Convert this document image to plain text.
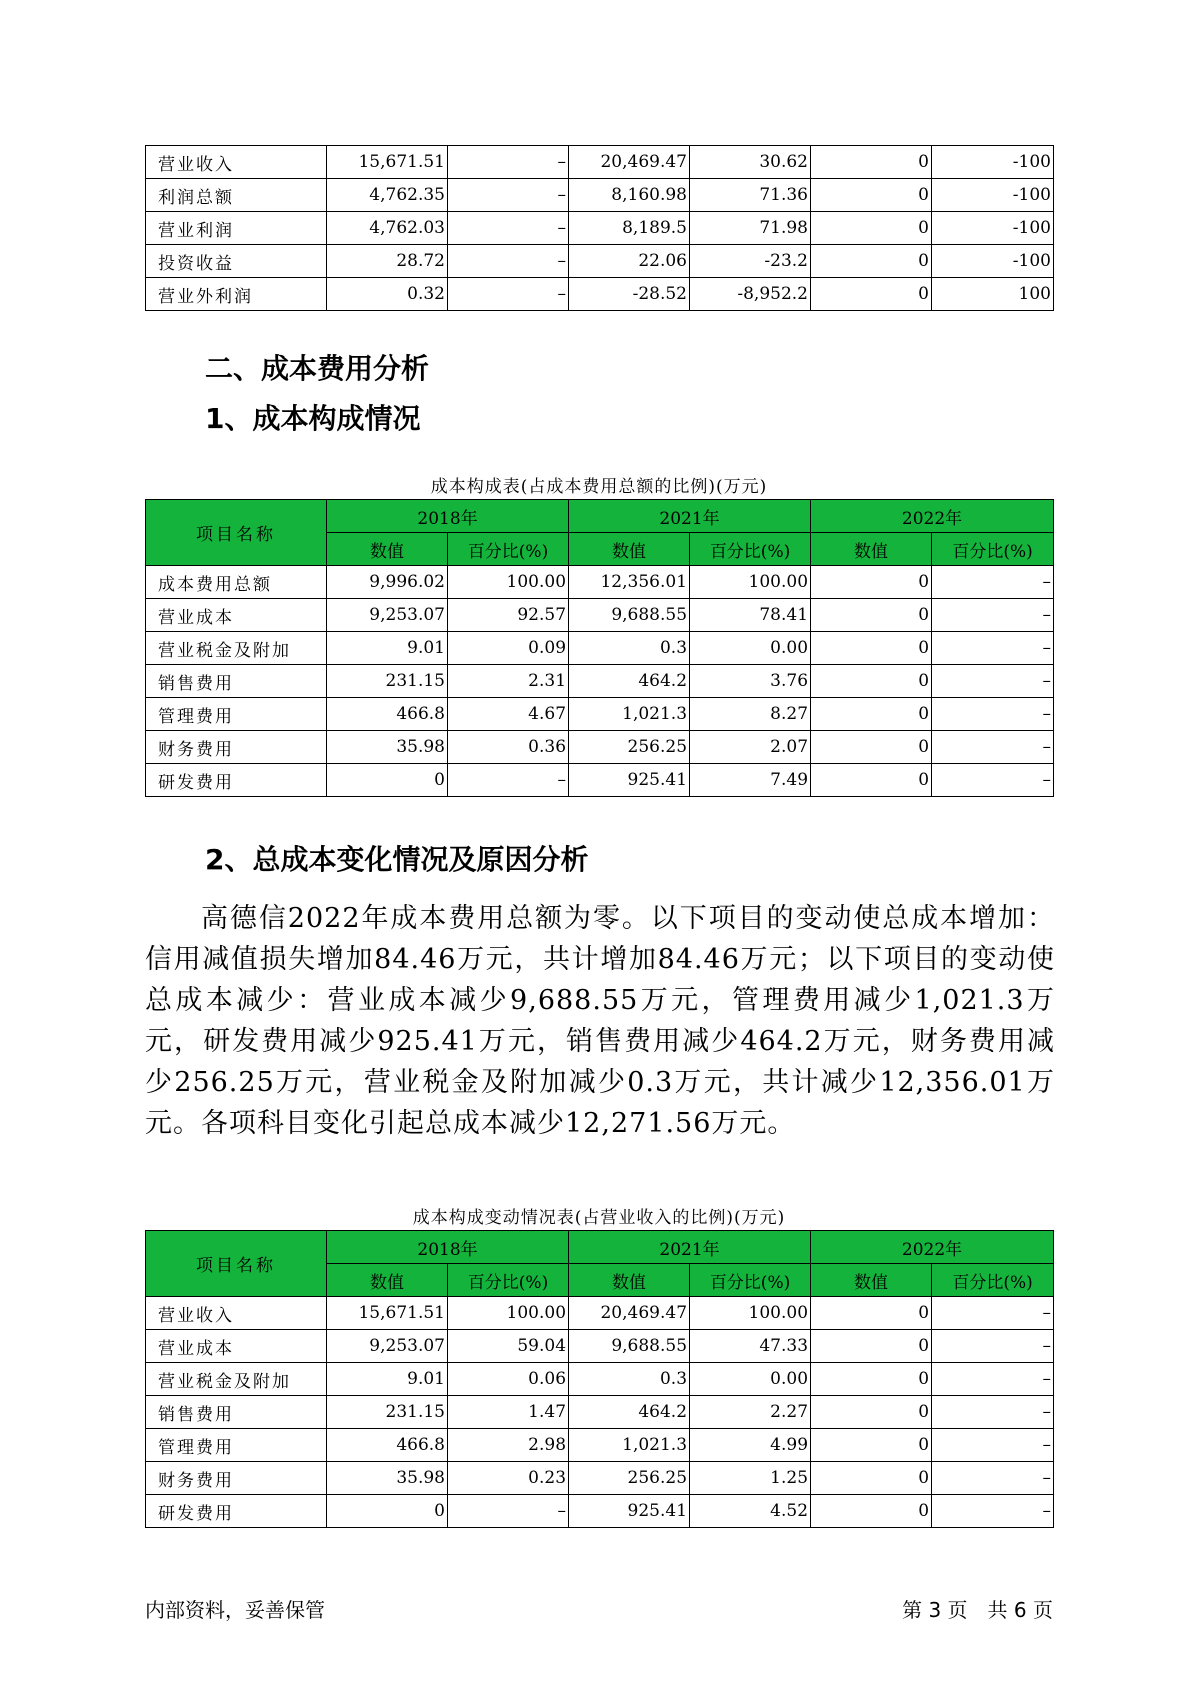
营业收入	15,671.51	–	20,469.47	30.62	0	-100
利润总额	4,762.35	–	8,160.98	71.36	0	-100
营业利润	4,762.03	–	8,189.5	71.98	0	-100
投资收益	28.72	–	22.06	-23.2	0	-100
营业外利润	0.32	–	-28.52	-8,952.2	0	100
二、成本费用分析
1、成本构成情况
成本构成表(占成本费用总额的比例)(万元)
项目名称	2018年		2021年		2022年	
	数值	百分比(%)	数值	百分比(%)	数值	百分比(%)
成本费用总额	9,996.02	100.00	12,356.01	100.00	0	–
营业成本	9,253.07	92.57	9,688.55	78.41	0	–
营业税金及附加	9.01	0.09	0.3	0.00	0	–
销售费用	231.15	2.31	464.2	3.76	0	–
管理费用	466.8	4.67	1,021.3	8.27	0	–
财务费用	35.98	0.36	256.25	2.07	0	–
研发费用	0	–	925.41	7.49	0	–
2、总成本变化情况及原因分析

高德信2022年成本费用总额为零。以下项目的变动使总成本增加：信用减值损失增加84.46万元，共计增加84.46万元；以下项目的变动使总成本减少：营业成本减少9,688.55万元，管理费用减少1,021.3万元，研发费用减少925.41万元，销售费用减少464.2万元，财务费用减少256.25万元，营业税金及附加减少0.3万元，共计减少12,356.01万元。各项科目变化引起总成本减少12,271.56万元。

成本构成变动情况表(占营业收入的比例)(万元)
项目名称	2018年		2021年		2022年	
	数值	百分比(%)	数值	百分比(%)	数值	百分比(%)
营业收入	15,671.51	100.00	20,469.47	100.00	0	–
营业成本	9,253.07	59.04	9,688.55	47.33	0	–
营业税金及附加	9.01	0.06	0.3	0.00	0	–
销售费用	231.15	1.47	464.2	2.27	0	–
管理费用	466.8	2.98	1,021.3	4.99	0	–
财务费用	35.98	0.23	256.25	1.25	0	–
研发费用	0	–	925.41	4.52	0	–
内部资料，妥善保管	第 3 页　共 6 页
